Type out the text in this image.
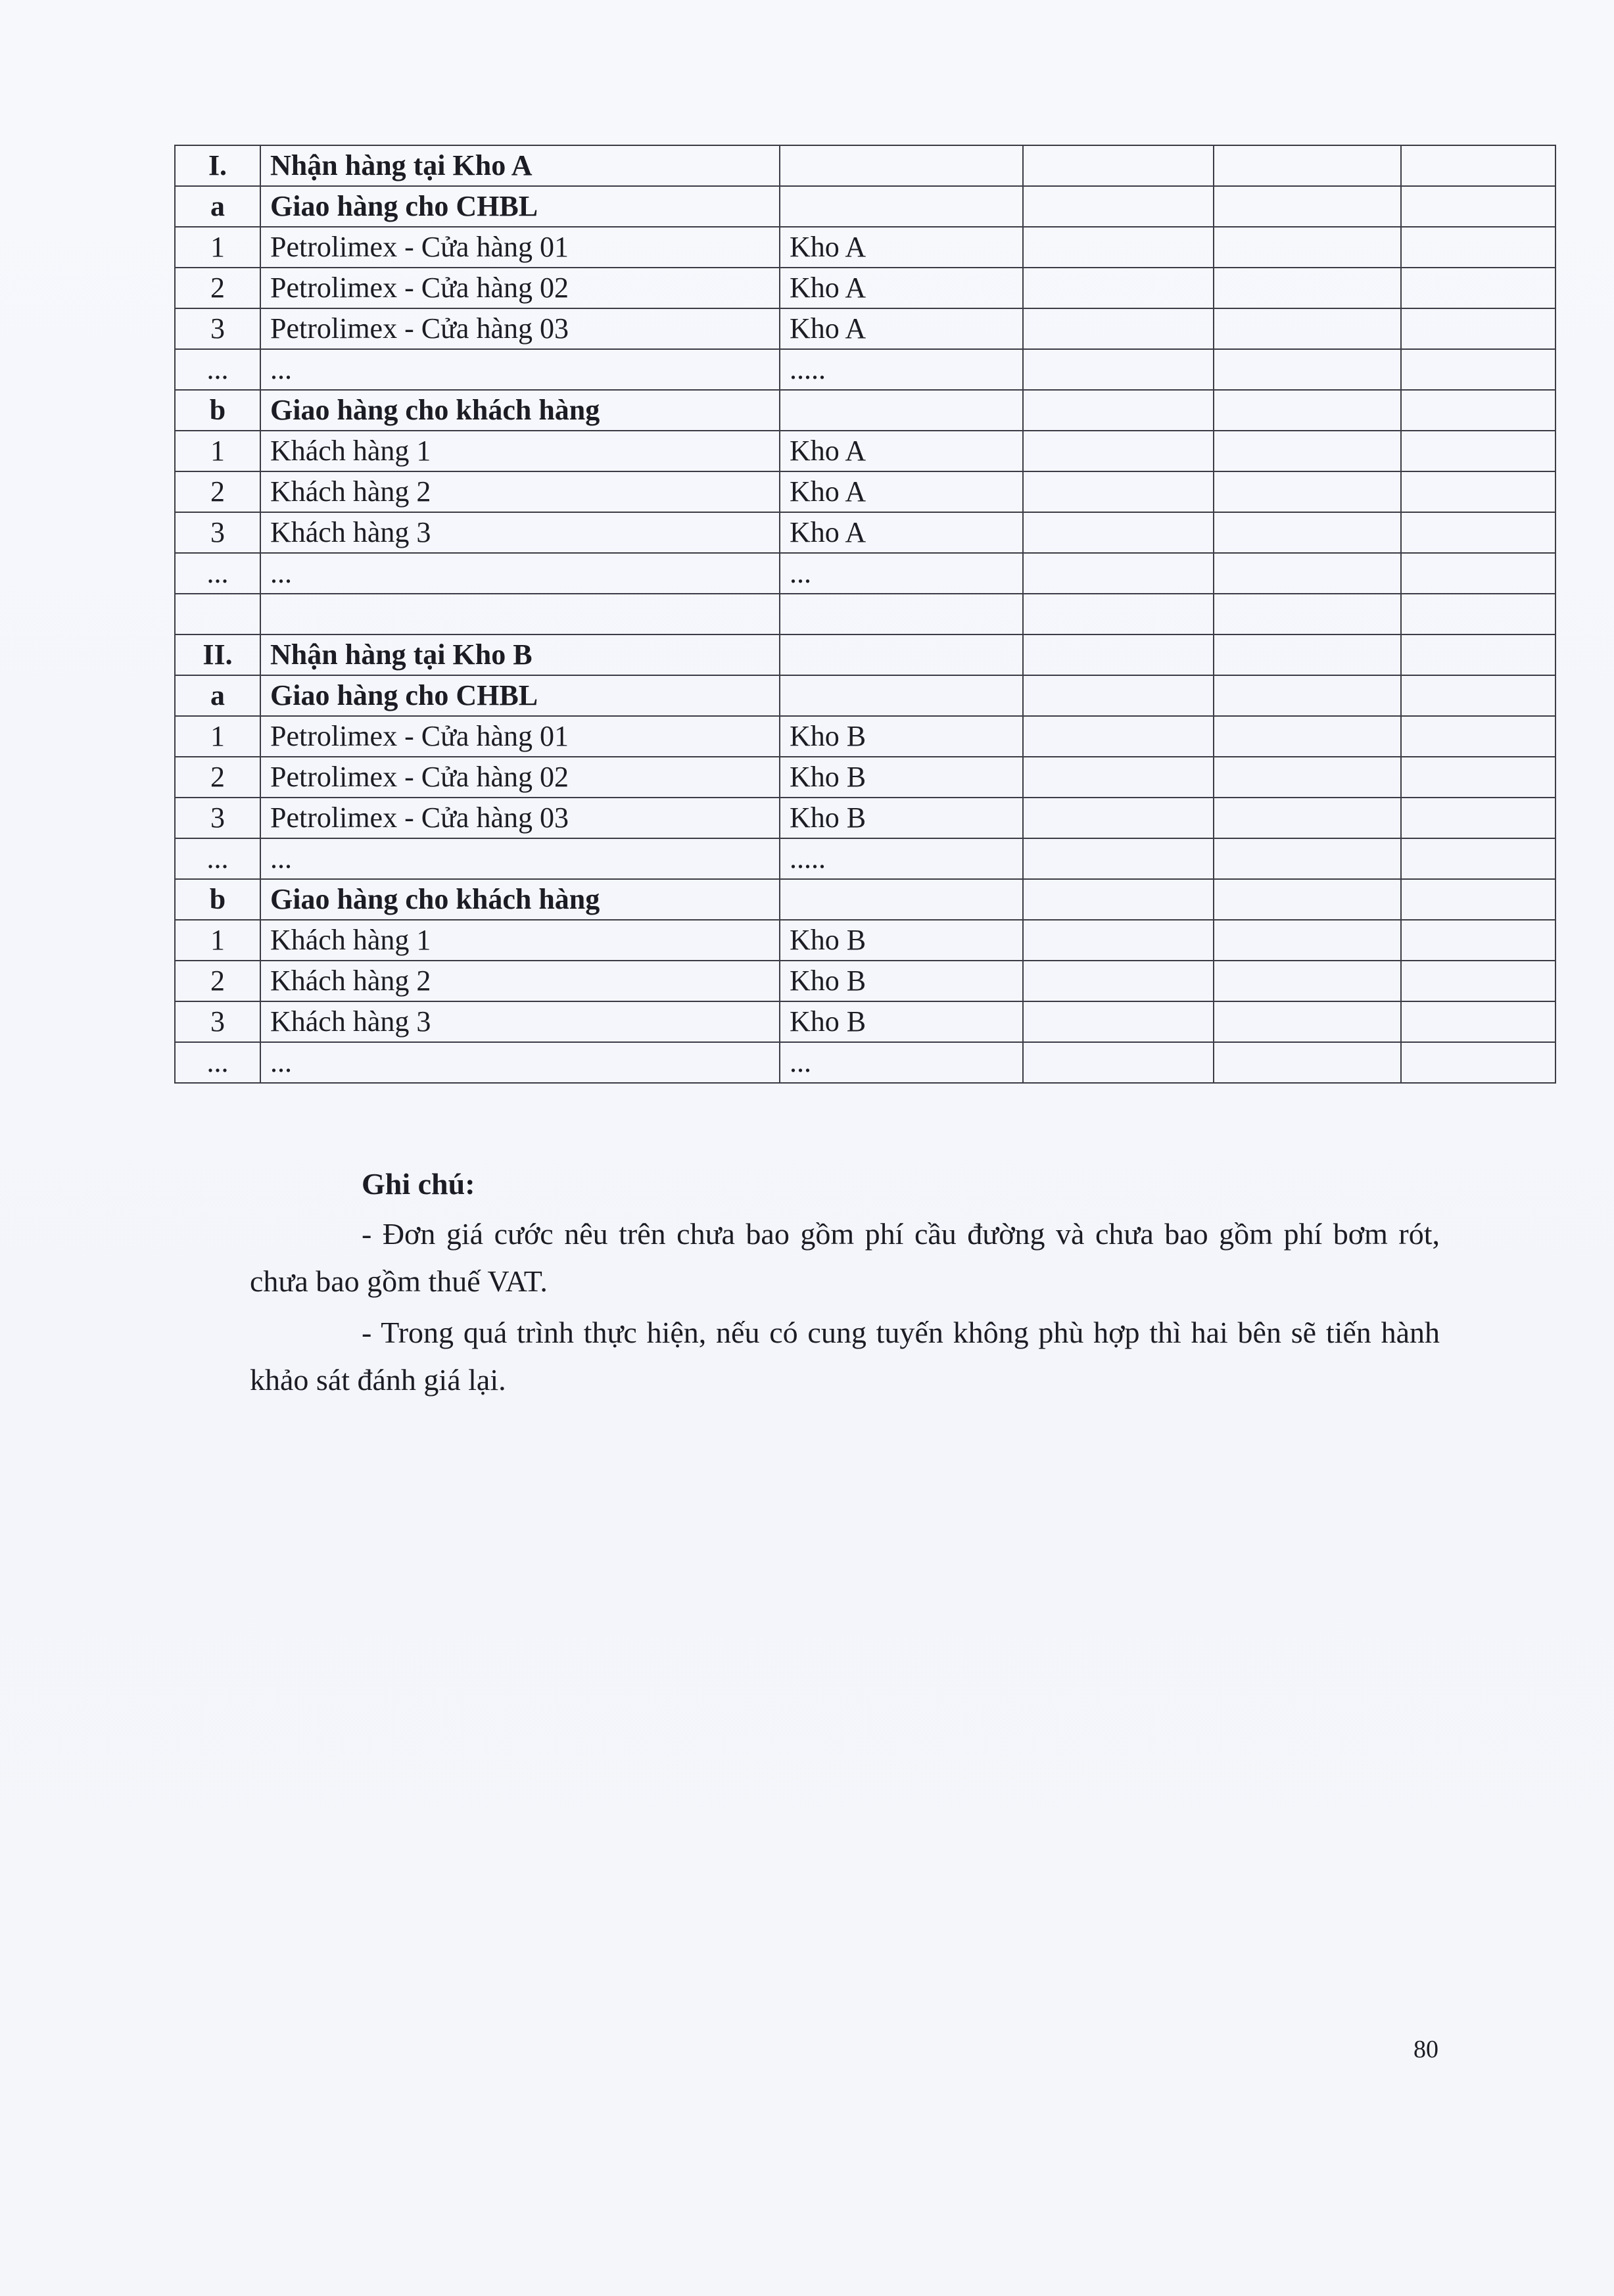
I.	Nhận hàng tại Kho A				
a	Giao hàng cho CHBL				
1	Petrolimex - Cửa hàng 01	Kho A			
2	Petrolimex - Cửa hàng 02	Kho A			
3	Petrolimex - Cửa hàng 03	Kho A			
...	...	.....			
b	Giao hàng cho khách hàng				
1	Khách hàng 1	Kho A			
2	Khách hàng 2	Kho A			
3	Khách hàng 3	Kho A			
...	...	...			

II.	Nhận hàng tại Kho B				
a	Giao hàng cho CHBL				
1	Petrolimex - Cửa hàng 01	Kho B			
2	Petrolimex - Cửa hàng 02	Kho B			
3	Petrolimex - Cửa hàng 03	Kho B			
...	...	.....			
b	Giao hàng cho khách hàng				
1	Khách hàng 1	Kho B			
2	Khách hàng 2	Kho B			
3	Khách hàng 3	Kho B			
...	...	...			
Ghi chú:

- Đơn giá cước nêu trên chưa bao gồm phí cầu đường và chưa bao gồm phí bơm rót, chưa bao gồm thuế VAT.

- Trong quá trình thực hiện, nếu có cung tuyến không phù hợp thì hai bên sẽ tiến hành khảo sát đánh giá lại.

80
